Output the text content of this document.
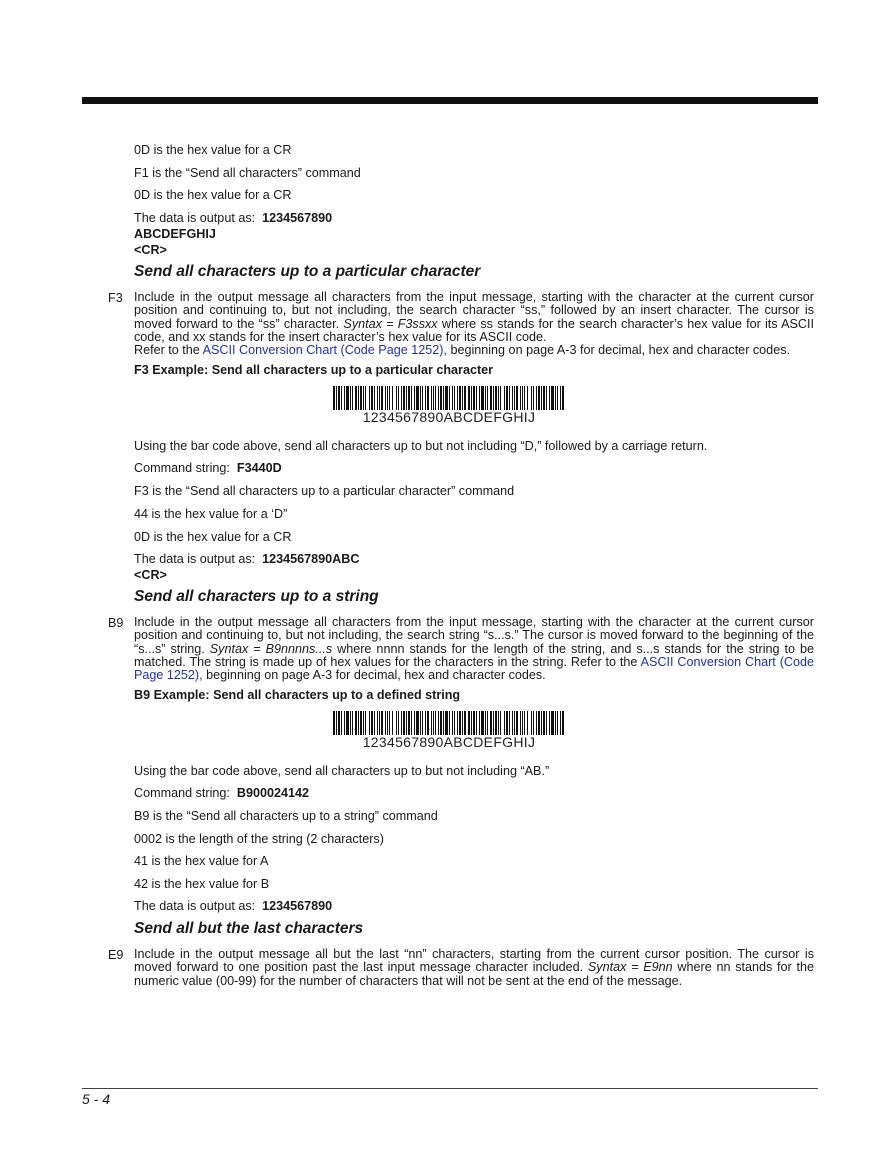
0D is the hex value for a CR
F1 is the “Send all characters” command
0D is the hex value for a CR
The data is output as: 1234567890
ABCDEFGHIJ
<CR>
Send all characters up to a particular character
F3 Include in the output message all characters from the input message, starting with the character at the current cursor position and continuing to, but not including, the search character “ss,” followed by an insert character. The cursor is moved forward to the “ss” character. Syntax = F3ssxx where ss stands for the search character’s hex value for its ASCII code, and xx stands for the insert character’s hex value for its ASCII code.
Refer to the ASCII Conversion Chart (Code Page 1252), beginning on page A-3 for decimal, hex and character codes.
F3 Example: Send all characters up to a particular character
1234567890ABCDEFGHIJ
Using the bar code above, send all characters up to but not including “D,” followed by a carriage return.
Command string: F3440D
F3 is the “Send all characters up to a particular character” command
44 is the hex value for a ‘D”
0D is the hex value for a CR
The data is output as: 1234567890ABC
<CR>
Send all characters up to a string
B9 Include in the output message all characters from the input message, starting with the character at the current cursor position and continuing to, but not including, the search string “s...s.” The cursor is moved forward to the beginning of the “s...s” string. Syntax = B9nnnns...s where nnnn stands for the length of the string, and s...s stands for the string to be matched. The string is made up of hex values for the characters in the string. Refer to the ASCII Conversion Chart (Code Page 1252), beginning on page A-3 for decimal, hex and character codes.
B9 Example: Send all characters up to a defined string
1234567890ABCDEFGHIJ
Using the bar code above, send all characters up to but not including “AB.”
Command string: B900024142
B9 is the “Send all characters up to a string” command
0002 is the length of the string (2 characters)
41 is the hex value for A
42 is the hex value for B
The data is output as: 1234567890
Send all but the last characters
E9 Include in the output message all but the last “nn” characters, starting from the current cursor position. The cursor is moved forward to one position past the last input message character included. Syntax = E9nn where nn stands for the numeric value (00-99) for the number of characters that will not be sent at the end of the message.
5 - 4
